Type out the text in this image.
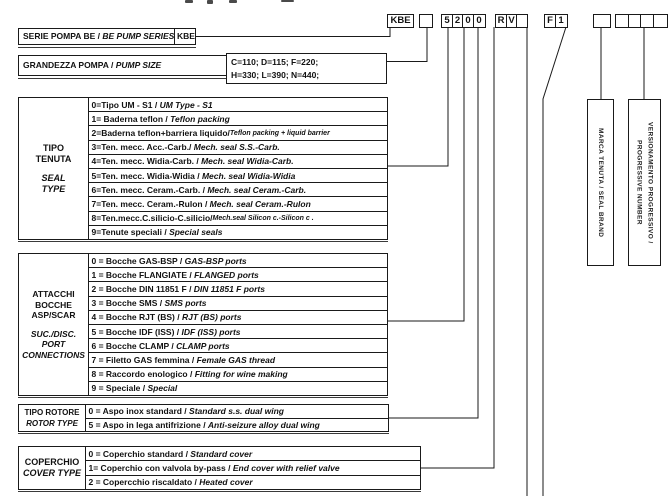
KBE	5 2 0 0	R V	F 1
SERIE POMPA BE / BE PUMP SERIES KBE
GRANDEZZA POMPA / PUMP SIZE	C=110; D=115; F=220;
H=330; L=390; N=440;
TIPO
TENUTA
SEAL
TYPE
0=Tipo UM - S1 / UM Type - S1
1= Baderna teflon / Teflon packing
2=Baderna teflon+barriera liquido/ Teflon packing + liquid barrier
3=Ten. mecc. Acc.-Carb./ Mech. seal S.S.-Carb.
4=Ten. mecc. Widia-Carb. / Mech. seal Widia-Carb.
5=Ten. mecc. Widia-Widia / Mech. seal Widia-Widia
6=Ten. mecc. Ceram.-Carb. / Mech. seal Ceram.-Carb.
7=Ten. mecc. Ceram.-Rulon / Mech. seal Ceram.-Rulon
8=Ten.mecc.C.silicio-C.silicio/ Mech.seal Silicon c.-Silicon c .
9=Tenute speciali / Special seals
ATTACCHI BOCCHE ASP/SCAR
SUC./DISC. PORT CONNECTIONS
0 = Bocche GAS-BSP / GAS-BSP ports
1 = Bocche FLANGIATE / FLANGED ports
2 = Bocche DIN 11851 F / DIN 11851 F ports
3 = Bocche SMS / SMS ports
4 = Bocche RJT (BS) / RJT (BS) ports
5 = Bocche IDF (ISS) / IDF (ISS) ports
6 = Bocche CLAMP / CLAMP ports
7 = Filetto GAS femmina / Female GAS thread
8 = Raccordo enologico / Fitting for wine making
9 = Speciale / Special
TIPO ROTORE
ROTOR TYPE
0 = Aspo inox standard / Standard s.s. dual wing
5 = Aspo in lega antifrizione / Anti-seizure alloy dual wing
COPERCHIO
COVER TYPE
0 = Coperchio standard / Standard cover
1= Coperchio con valvola by-pass / End cover with relief valve
2 = Copercchio riscaldato / Heated cover
MARCA TENUTA / SEAL BRAND	VERSIONAMENTO PROGRESSIVO /
PROGRESSIVE NUMBER
